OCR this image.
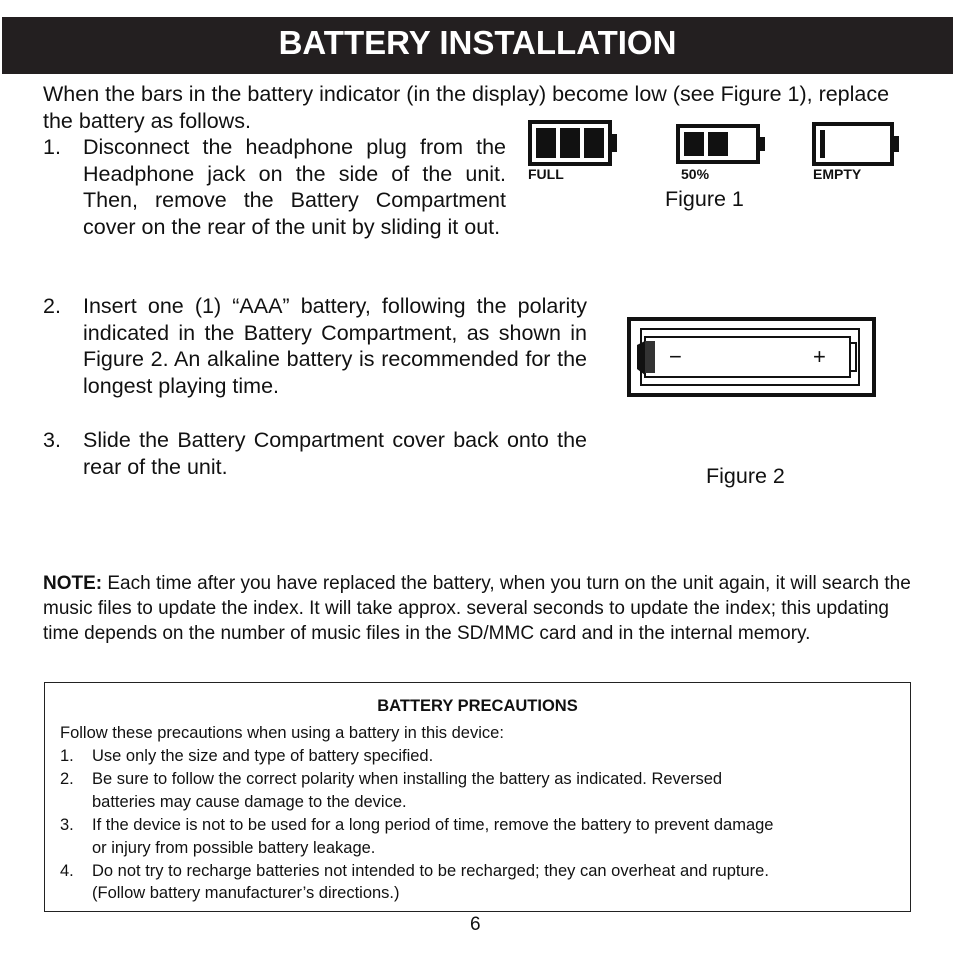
BATTERY INSTALLATION
When the bars in the battery indicator (in the display) become low (see Figure 1), replace the battery as follows.
1. Disconnect the headphone plug from the Headphone jack on the side of the unit. Then, remove the Battery Compartment cover on the rear of the unit by sliding it out.
2. Insert one (1) “AAA” battery, following the polarity indicated in the Battery Compartment, as shown in Figure 2. An alkaline battery is recommended for the longest playing time.
3. Slide the Battery Compartment cover back onto the rear of the unit.
FULL	50%	EMPTY
Figure 1
−	+
Figure 2
NOTE: Each time after you have replaced the battery, when you turn on the unit again, it will search the music files to update the index. It will take approx. several seconds to update the index; this updating time depends on the number of music files in the SD/MMC card and in the internal memory.
BATTERY PRECAUTIONS
Follow these precautions when using a battery in this device:
1. Use only the size and type of battery specified.
2. Be sure to follow the correct polarity when installing the battery as indicated. Reversed
batteries may cause damage to the device.
3. If the device is not to be used for a long period of time, remove the battery to prevent damage
or injury from possible battery leakage.
4. Do not try to recharge batteries not intended to be recharged; they can overheat and rupture.
(Follow battery manufacturer’s directions.)
6
